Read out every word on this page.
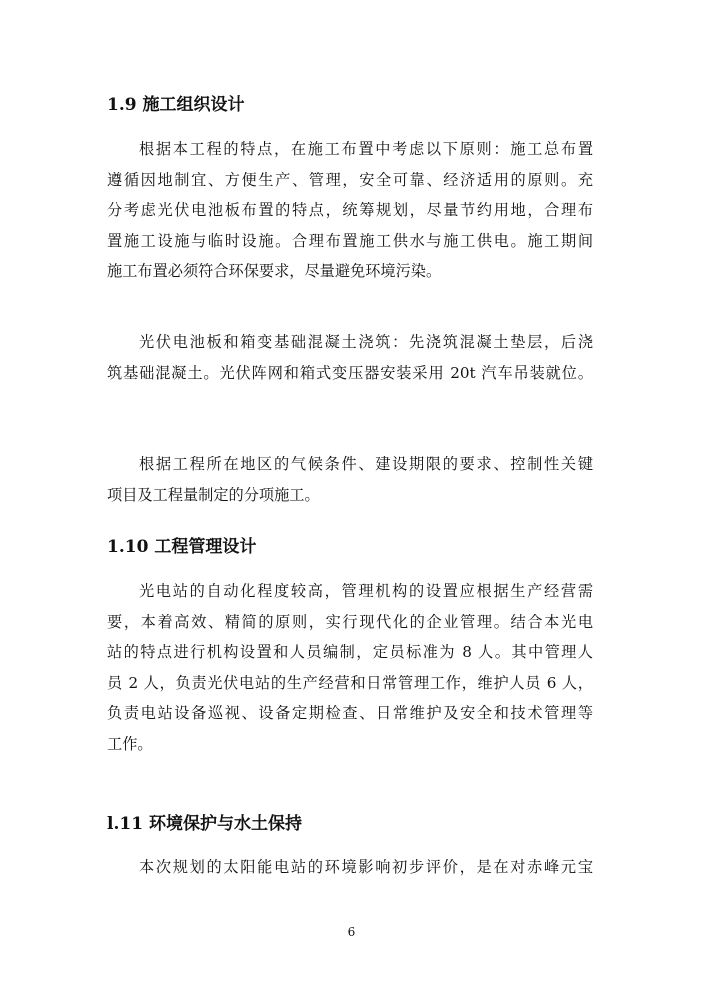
1.9 施工组织设计
根据本工程的特点，在施工布置中考虑以下原则：施工总布置
遵循因地制宜、方便生产、管理，安全可靠、经济适用的原则。充
分考虑光伏电池板布置的特点，统筹规划，尽量节约用地，合理布
置施工设施与临时设施。合理布置施工供水与施工供电。施工期间
施工布置必须符合环保要求，尽量避免环境污染。
光伏电池板和箱变基础混凝土浇筑：先浇筑混凝土垫层，后浇
筑基础混凝土。光伏阵网和箱式变压器安装采用 20t 汽车吊装就位。
根据工程所在地区的气候条件、建设期限的要求、控制性关键
项目及工程量制定的分项施工。
1.10 工程管理设计
光电站的自动化程度较高，管理机构的设置应根据生产经营需
要，本着高效、精简的原则，实行现代化的企业管理。结合本光电
站的特点进行机构设置和人员编制，定员标准为 8 人。其中管理人
员 2 人，负责光伏电站的生产经营和日常管理工作，维护人员 6 人，
负责电站设备巡视、设备定期检查、日常维护及安全和技术管理等
工作。
l.11 环境保护与水土保持
本次规划的太阳能电站的环境影响初步评价，是在对赤峰元宝
6
